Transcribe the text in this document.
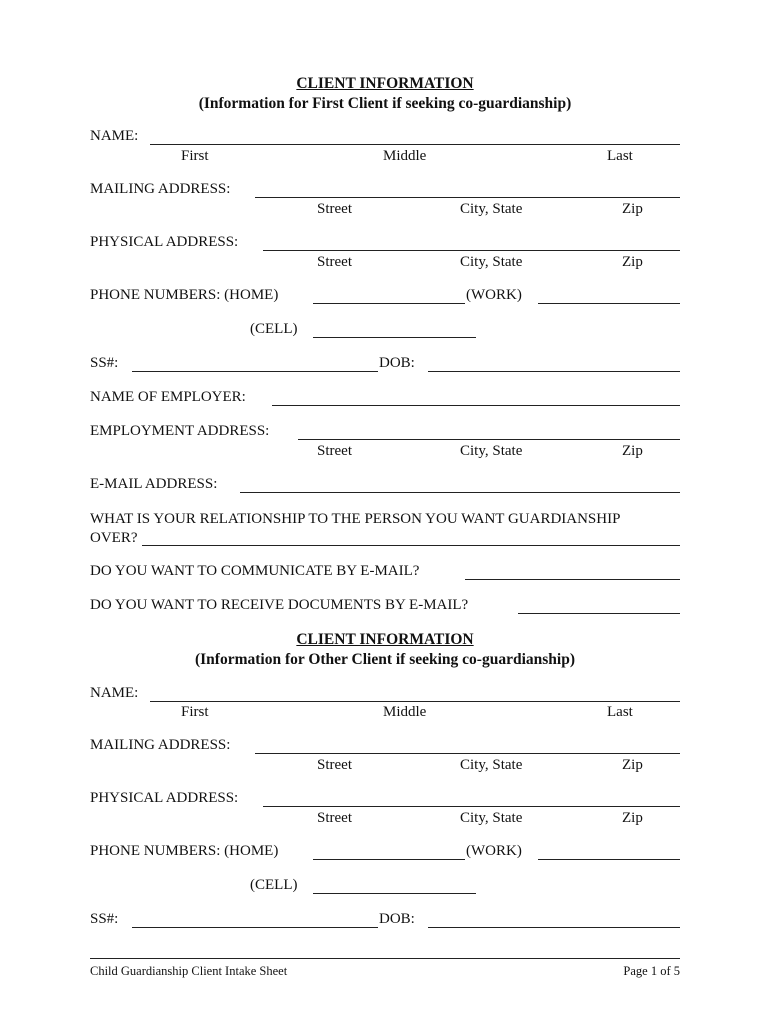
CLIENT INFORMATION
(Information for First Client if seeking co-guardianship)
NAME:
First	Middle	Last
MAILING ADDRESS:
Street	City, State	Zip
PHYSICAL ADDRESS:
Street	City, State	Zip
PHONE NUMBERS: (HOME)	(WORK)
(CELL)
SS#:	DOB:
NAME OF EMPLOYER:
EMPLOYMENT ADDRESS:
Street	City, State	Zip
E-MAIL ADDRESS:
WHAT IS YOUR RELATIONSHIP TO THE PERSON YOU WANT GUARDIANSHIP
OVER?
DO YOU WANT TO COMMUNICATE BY E-MAIL?
DO YOU WANT TO RECEIVE DOCUMENTS BY E-MAIL?
CLIENT INFORMATION
(Information for Other Client if seeking co-guardianship)
NAME:
First	Middle	Last
MAILING ADDRESS:
Street	City, State	Zip
PHYSICAL ADDRESS:
Street	City, State	Zip
PHONE NUMBERS: (HOME)	(WORK)
(CELL)
SS#:	DOB:
Child Guardianship Client Intake Sheet	Page 1 of 5
